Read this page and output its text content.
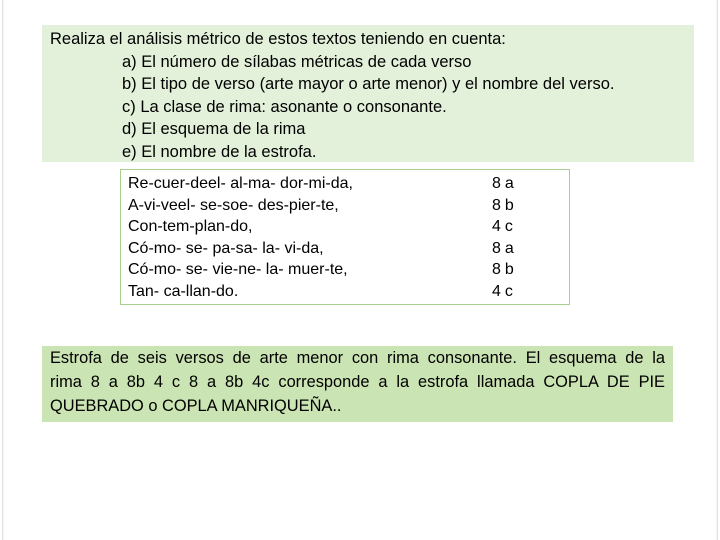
Realiza el análisis métrico de estos textos teniendo en cuenta:
a) El número de sílabas métricas de cada verso
b) El tipo de verso (arte mayor o arte menor) y el nombre del verso.
c) La clase de rima: asonante o consonante.
d) El esquema de la rima
e) El nombre de la estrofa.
Re-cuer-deel- al-ma- dor-mi-da,	8a
A-vi-veel- se-soe- des-pier-te,	8b
Con-tem-plan-do,	4c
Có-mo- se- pa-sa- la- vi-da,	8a
Có-mo- se- vie-ne- la- muer-te,	8b
Tan- ca-llan-do.	4c

Estrofa de seis versos de arte menor con rima consonante. El esquema de la

rima 8 a 8b 4 c 8 a 8b 4c corresponde a la estrofa llamada COPLA DE PIE

QUEBRADO o COPLA MANRIQUEÑA..
